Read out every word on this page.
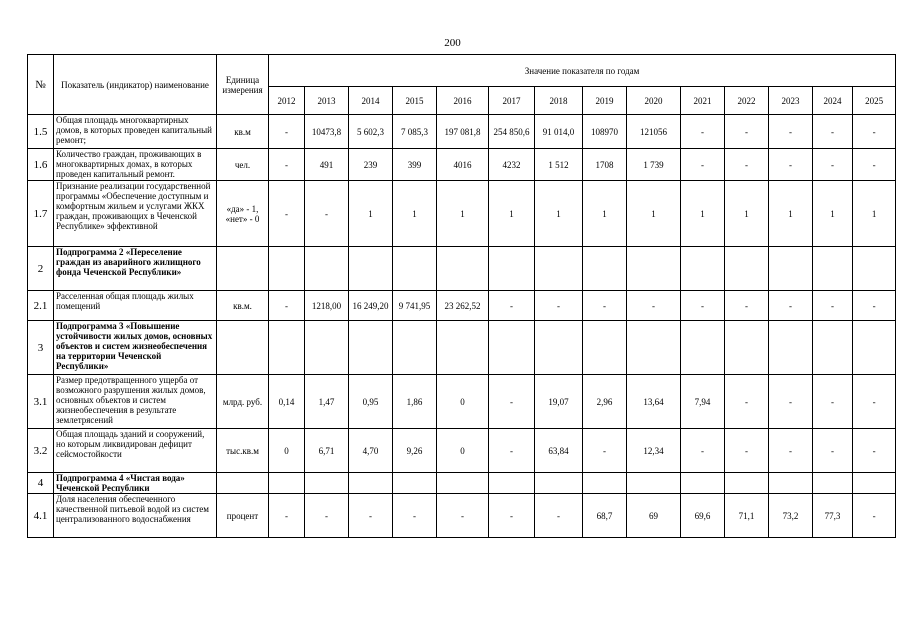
200
№	Показатель (индикатор) наименование	Единица измерения	Значение показателя по годам													
			2012	2013	2014	2015	2016	2017	2018	2019	2020	2021	2022	2023	2024	2025
1.5	Общая площадь многоквартирных домов, в которых проведен капитальный ремонт;	кв.м	-	10473,8	5 602,3	7 085,3	197 081,8	254 850,6	91 014,0	108970	121056	-	-	-	-	-
1.6	Количество граждан, проживающих в многоквартирных домах, в которых проведен капитальный ремонт.	чел.	-	491	239	399	4016	4232	1 512	1708	1 739	-	-	-	-	-
1.7	Признание реализации государственной программы «Обеспечение доступным и комфортным жильем и услугами ЖКХ граждан, проживающих в Чеченской Республике» эффективной	«да» - 1, «нет» - 0	-	-	1	1	1	1	1	1	1	1	1	1	1	1
2	Подпрограмма 2 «Переселение граждан из аварийного жилищного фонда Чеченской Республики»															
2.1	Расселенная общая площадь жилых помещений	кв.м.	-	1218,00	16 249,20	9 741,95	23 262,52	-	-	-	-	-	-	-	-	-
3	Подпрограмма 3 «Повышение устойчивости жилых домов, основных объектов и систем жизнеобеспечения на территории Чеченской Республики»															
3.1	Размер предотвращенного ущерба от возможного разрушения жилых домов, основных объектов и систем жизнеобеспечения в результате землетрясений	млрд. руб.	0,14	1,47	0,95	1,86	0	-	19,07	2,96	13,64	7,94	-	-	-	-
3.2	Общая площадь зданий и сооружений, но которым ликвидирован дефицит сейсмостойкости	тыс.кв.м	0	6,71	4,70	9,26	0	-	63,84	-	12,34	-	-	-	-	-
4	Подпрограмма 4 «Чистая вода» Чеченской Республики															
4.1	Доля населения обеспеченного качественной питьевой водой из систем централизованного водоснабжения	процент	-	-	-	-	-	-	-	68,7	69	69,6	71,1	73,2	77,3	-
